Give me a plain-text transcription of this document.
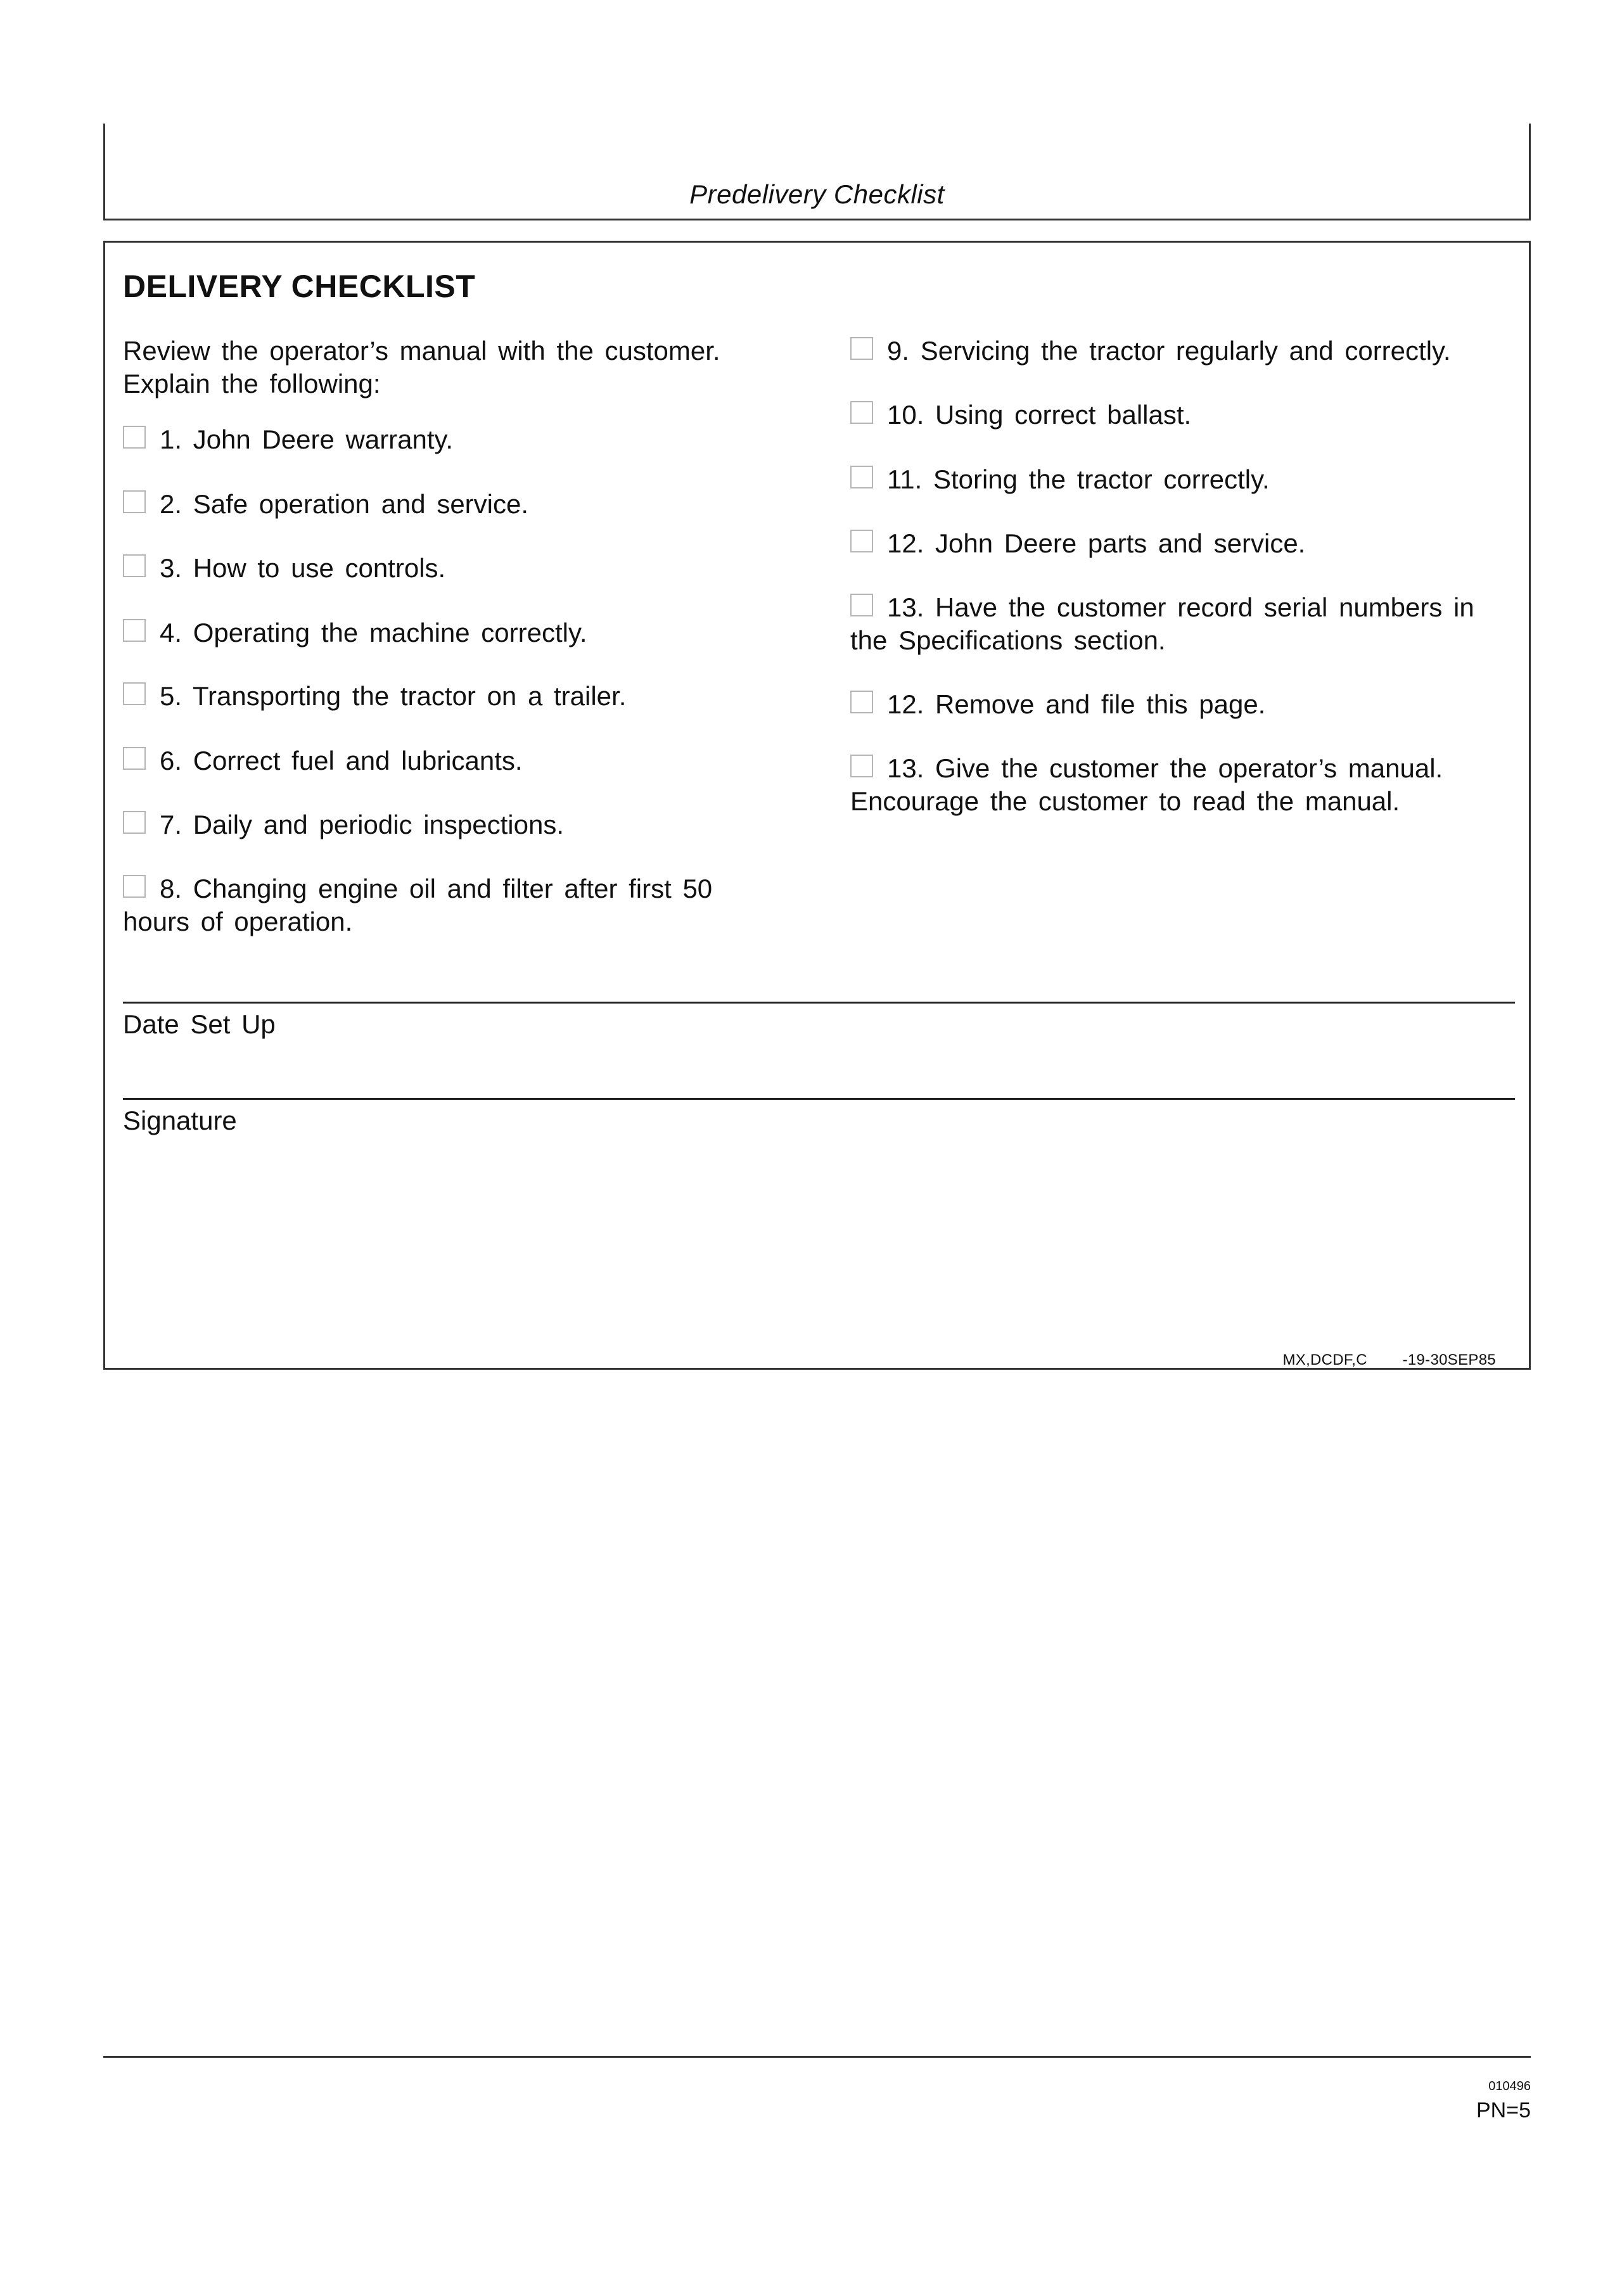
Predelivery Checklist
DELIVERY CHECKLIST
Review the operator’s manual with the customer.
Explain the following:
1. John Deere warranty.
2. Safe operation and service.
3. How to use controls.
4. Operating the machine correctly.
5. Transporting the tractor on a trailer.
6. Correct fuel and lubricants.
7. Daily and periodic inspections.
8. Changing engine oil and filter after first 50
hours of operation.
9. Servicing the tractor regularly and correctly.
10. Using correct ballast.
11. Storing the tractor correctly.
12. John Deere parts and service.
13. Have the customer record serial numbers in
the Specifications section.
12. Remove and file this page.
13. Give the customer the operator’s manual.
Encourage the customer to read the manual.
Date Set Up
Signature
MX,DCDF,C -19-30SEP85
010496
PN=5
